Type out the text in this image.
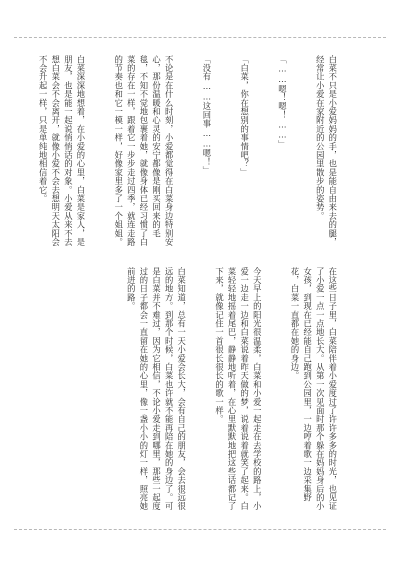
白菜不只是小爱妈妈的手，也是能自由来去的腿，经常让小爱在家附近的公园里散步的姿势。

「……嗯！嗯！……」

「白菜，你在想别的事情吧？」

「没有……这回事……嗯！」

不论是在什么时刻，小爱都觉得在白菜身边特别安心，那份温暖和心灵的安宁都像是刚买回来的毛毯，不知不觉地包裹着她，就像身体已经习惯了白菜的存在一样，跟着它一步步走过四季，就连走路的节奏也和它一模一样，好像家里多了一个姐姐。

白菜深深地想着，在小爱的心里，白菜是家人，是朋友，也是能一起说悄悄话的对象。小爱从来不去想白菜会不会离开，就像小爱不会去想明天太阳会不会升起一样，只是单纯地相信着它。

在这些日子里，白菜陪伴着小爱度过了许许多多的时光，也见证了小爱一点一点地长大。从第一次见面时那个躲在妈妈身后的小女孩，到现在已经能自己跑到公园里，一边哼着歌一边采集野花，白菜一直都在她的身边。

今天早上的阳光很温柔，白菜和小爱一起走在去学校的路上，小爱一边走一边和白菜说着昨天做的梦，说着说着就笑了起来。白菜轻轻地摇着尾巴，静静地听着，在心里默默地把这些话都记了下来，就像记住一首很长很长的歌一样。

白菜知道，总有一天小爱会长大，会有自己的朋友，会去很远很远的地方。到那个时候，白菜也许就不能再陪在她的身边了。可是白菜并不难过，因为它相信，不论小爱走到哪里，那些一起度过的日子都会一直留在她的心里，像一盏小小的灯一样，照亮她前进的路。
